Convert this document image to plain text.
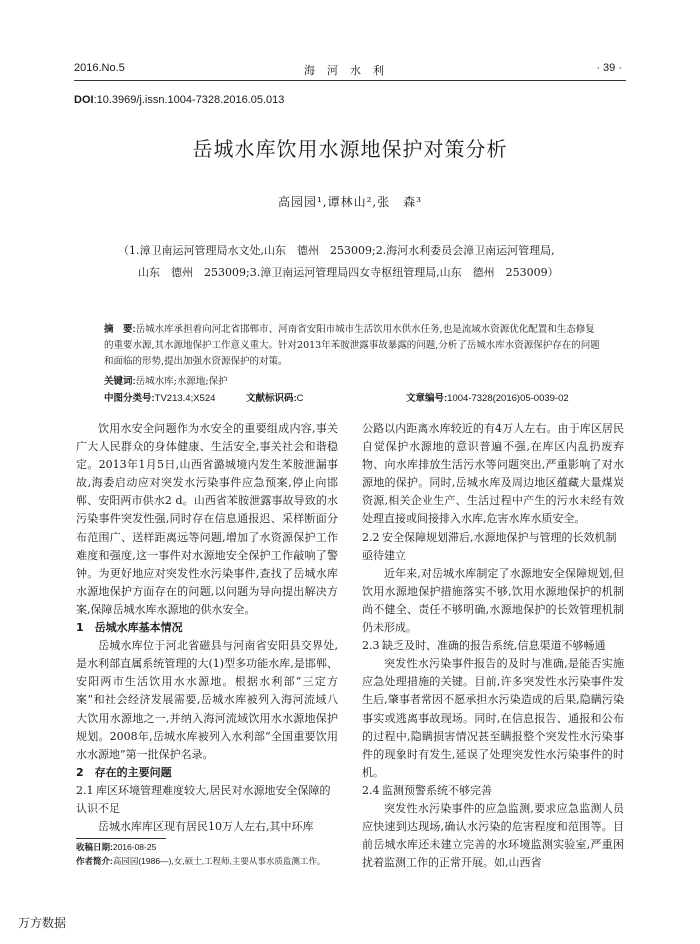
2016.No.5	海河水利	· 39 ·
DOI:10.3969/j.issn.1004-7328.2016.05.013
岳城水库饮用水源地保护对策分析
高园园¹,谭林山²,张　森³
（1.漳卫南运河管理局水文处,山东　德州　253009;2.海河水利委员会漳卫南运河管理局,
山东　德州　253009;3.漳卫南运河管理局四女寺枢纽管理局,山东　德州　253009）
摘　要:岳城水库承担着向河北省邯郸市、河南省安阳市城市生活饮用水供水任务,也是流域水资源优化配置和生态修复的重要水源,其水源地保护工作意义重大。针对2013年苯胺泄露事故暴露的问题,分析了岳城水库水资源保护存在的问题和面临的形势,提出加强水资源保护的对策。
关键词:岳城水库;水源地;保护
中图分类号:TV213.4;X524	文献标识码:C	文章编号:1004-7328(2016)05-0039-02

饮用水安全问题作为水安全的重要组成内容,事关广大人民群众的身体健康、生活安全,事关社会和谐稳定。2013年1月5日,山西省潞城境内发生苯胺泄漏事故,海委启动应对突发水污染事件应急预案,停止向邯郸、安阳两市供水2 d。山西省苯胺泄露事故导致的水污染事件突发性强,同时存在信息通报迟、采样断面分布范围广、送样距离远等问题,增加了水资源保护工作难度和强度,这一事件对水源地安全保护工作敲响了警钟。为更好地应对突发性水污染事件,查找了岳城水库水源地保护方面存在的问题,以问题为导向提出解决方案,保障岳城水库水源地的供水安全。

1　岳城水库基本情况

岳城水库位于河北省磁县与河南省安阳县交界处,是水利部直属系统管理的大(1)型多功能水库,是邯郸、安阳两市生活饮用水水源地。根据水利部“三定方案”和社会经济发展需要,岳城水库被列入海河流域八大饮用水源地之一,并纳入海河流域饮用水水源地保护规划。2008年,岳城水库被列入水利部“全国重要饮用水水源地”第一批保护名录。

2　存在的主要问题
2.1 库区环境管理难度较大,居民对水源地安全保障的认识不足

岳城水库库区现有居民10万人左右,其中环库

公路以内距离水库较近的有4万人左右。由于库区居民自觉保护水源地的意识普遍不强,在库区内乱扔废弃物、向水库排放生活污水等问题突出,严重影响了对水源地的保护。同时,岳城水库及周边地区蕴藏大量煤炭资源,相关企业生产、生活过程中产生的污水未经有效处理直接或间接排入水库,危害水库水质安全。

2.2 安全保障规划滞后,水源地保护与管理的长效机制亟待建立

近年来,对岳城水库制定了水源地安全保障规划,但饮用水源地保护措施落实不够,饮用水源地保护的机制尚不健全、责任不够明确,水源地保护的长效管理机制仍未形成。

2.3 缺乏及时、准确的报告系统,信息渠道不够畅通

突发性水污染事件报告的及时与准确,是能否实施应急处理措施的关键。目前,许多突发性水污染事件发生后,肇事者常因不愿承担水污染造成的后果,隐瞒污染事实或逃离事故现场。同时,在信息报告、通报和公布的过程中,隐瞒损害情况甚至瞒报整个突发性水污染事件的现象时有发生,延误了处理突发性水污染事件的时机。

2.4 监测预警系统不够完善

突发性水污染事件的应急监测,要求应急监测人员应快速到达现场,确认水污染的危害程度和范围等。目前岳城水库还未建立完善的水环境监测实验室,严重困扰着监测工作的正常开展。如,山西省

收稿日期:2016-08-25
作者简介:高园园(1986—),女,硕士,工程师,主要从事水质监测工作。
万方数据
